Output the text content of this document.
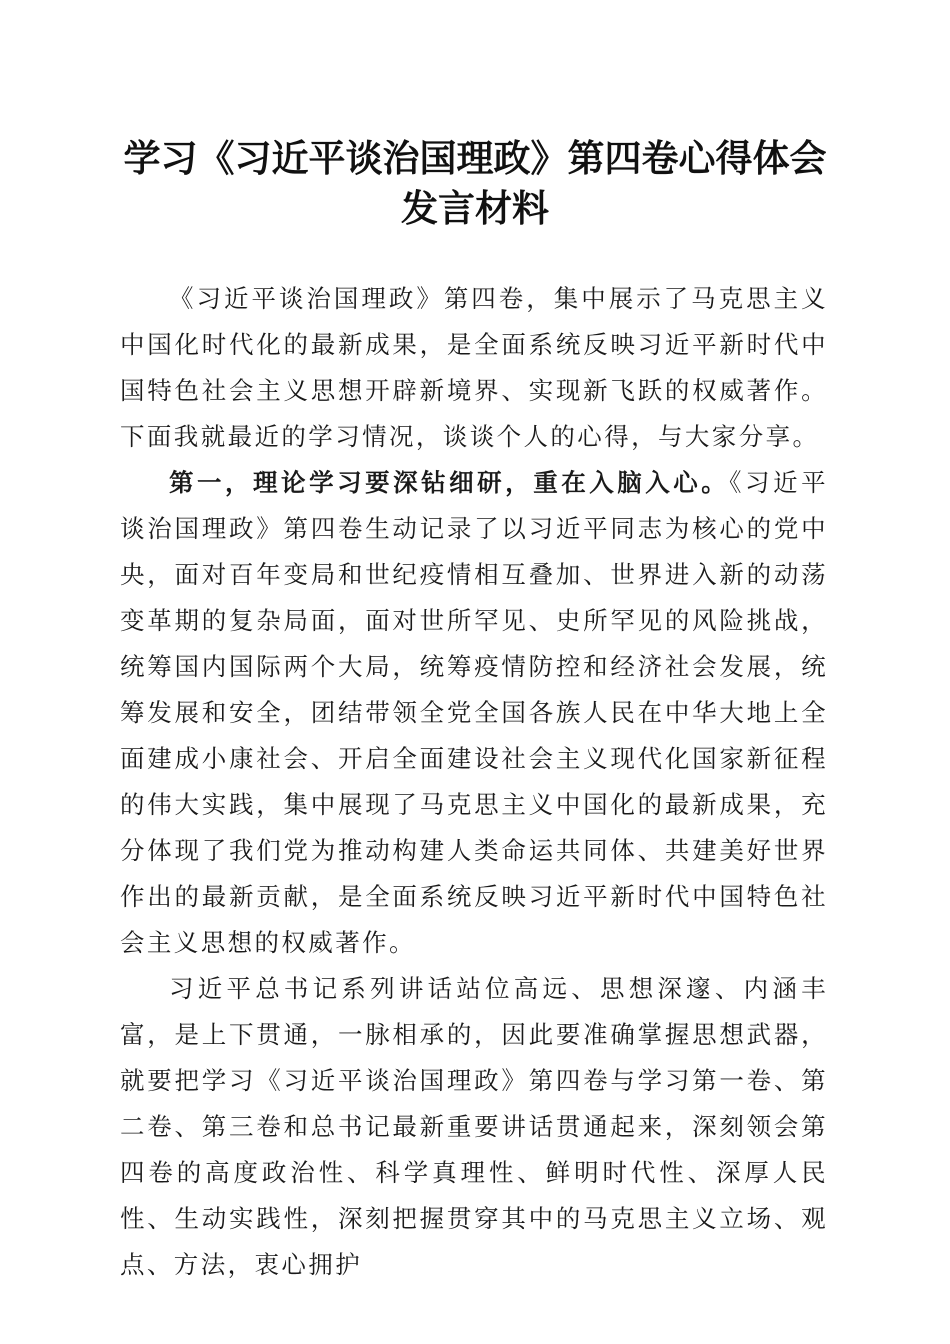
学习《习近平谈治国理政》第四卷心得体会发言材料

《习近平谈治国理政》第四卷，集中展示了马克思主义中国化时代化的最新成果，是全面系统反映习近平新时代中国特色社会主义思想开辟新境界、实现新飞跃的权威著作。下面我就最近的学习情况，谈谈个人的心得，与大家分享。

第一，理论学习要深钻细研，重在入脑入心。《习近平谈治国理政》第四卷生动记录了以习近平同志为核心的党中央，面对百年变局和世纪疫情相互叠加、世界进入新的动荡变革期的复杂局面，面对世所罕见、史所罕见的风险挑战，统筹国内国际两个大局，统筹疫情防控和经济社会发展，统筹发展和安全，团结带领全党全国各族人民在中华大地上全面建成小康社会、开启全面建设社会主义现代化国家新征程的伟大实践，集中展现了马克思主义中国化的最新成果，充分体现了我们党为推动构建人类命运共同体、共建美好世界作出的最新贡献，是全面系统反映习近平新时代中国特色社会主义思想的权威著作。

习近平总书记系列讲话站位高远、思想深邃、内涵丰富，是上下贯通，一脉相承的，因此要准确掌握思想武器，就要把学习《习近平谈治国理政》第四卷与学习第一卷、第二卷、第三卷和总书记最新重要讲话贯通起来，深刻领会第四卷的高度政治性、科学真理性、鲜明时代性、深厚人民性、生动实践性，深刻把握贯穿其中的马克思主义立场、观点、方法，衷心拥护
